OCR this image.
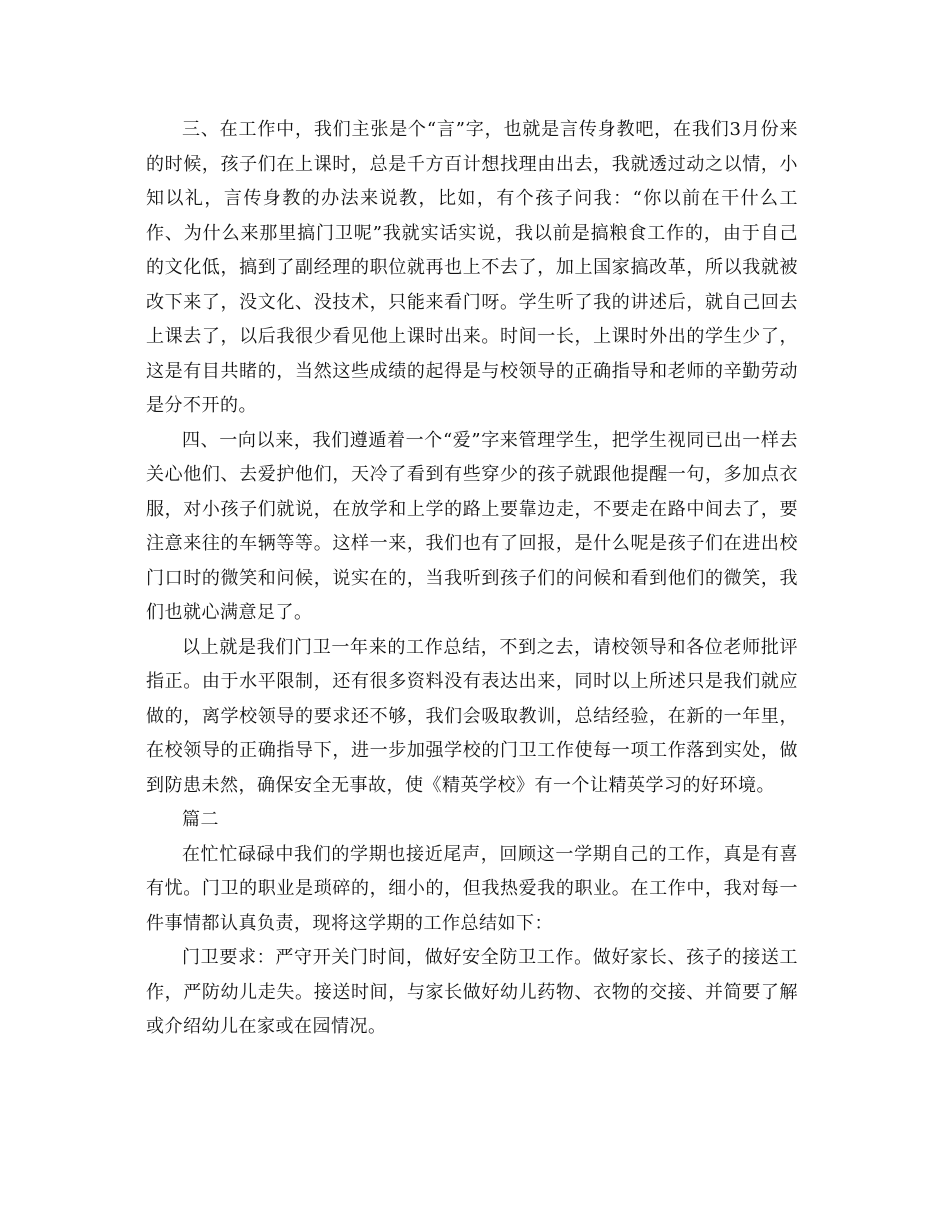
三、在工作中，我们主张是个“言”字，也就是言传身教吧，在我们3月份来的时候，孩子们在上课时，总是千方百计想找理由出去，我就透过动之以情，小知以礼，言传身教的办法来说教，比如，有个孩子问我：“你以前在干什么工作、为什么来那里搞门卫呢”我就实话实说，我以前是搞粮食工作的，由于自己的文化低，搞到了副经理的职位就再也上不去了，加上国家搞改革，所以我就被改下来了，没文化、没技术，只能来看门呀。学生听了我的讲述后，就自己回去上课去了，以后我很少看见他上课时出来。时间一长，上课时外出的学生少了，这是有目共睹的，当然这些成绩的起得是与校领导的正确指导和老师的辛勤劳动是分不开的。

四、一向以来，我们遵遁着一个“爱”字来管理学生，把学生视同已出一样去关心他们、去爱护他们，天冷了看到有些穿少的孩子就跟他提醒一句，多加点衣服，对小孩子们就说，在放学和上学的路上要靠边走，不要走在路中间去了，要注意来往的车辆等等。这样一来，我们也有了回报，是什么呢是孩子们在进出校门口时的微笑和问候，说实在的，当我听到孩子们的问候和看到他们的微笑，我们也就心满意足了。

以上就是我们门卫一年来的工作总结，不到之去，请校领导和各位老师批评指正。由于水平限制，还有很多资料没有表达出来，同时以上所述只是我们就应做的，离学校领导的要求还不够，我们会吸取教训，总结经验，在新的一年里，在校领导的正确指导下，进一步加强学校的门卫工作使每一项工作落到实处，做到防患未然，确保安全无事故，使《精英学校》有一个让精英学习的好环境。

篇二

在忙忙碌碌中我们的学期也接近尾声，回顾这一学期自己的工作，真是有喜有忧。门卫的职业是琐碎的，细小的，但我热爱我的职业。在工作中，我对每一件事情都认真负责，现将这学期的工作总结如下：

门卫要求：严守开关门时间，做好安全防卫工作。做好家长、孩子的接送工作，严防幼儿走失。接送时间，与家长做好幼儿药物、衣物的交接、并简要了解或介绍幼儿在家或在园情况。
